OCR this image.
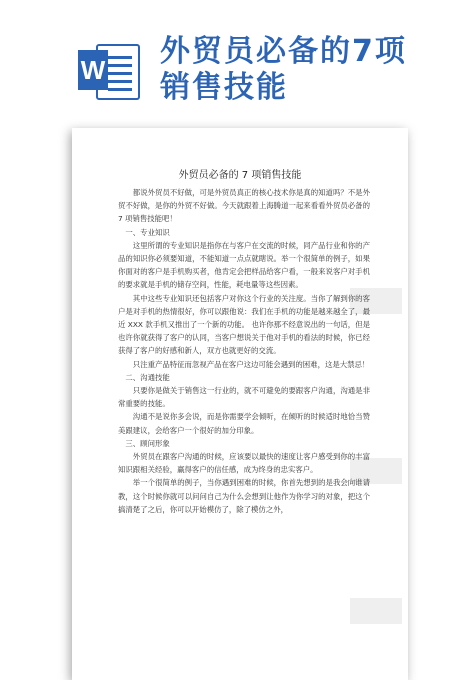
W
外贸员必备的7项
销售技能
外贸员必备的 7 项销售技能

都说外贸员不好做，可是外贸员真正的核心技术你是真的知道吗？不是外贸不好做，是你的外贸不好做。今天就跟着上海腾道一起来看看外贸员必备的 7 项销售技能吧！

一、专业知识

这里所谓的专业知识是指你在与客户在交流的时候，同产品行业和你的产品的知识你必须要知道，不能知道一点点就瞎说。举一个很简单的例子，如果你面对的客户是手机购买者，他肯定会把样品给客户看，一般来说客户对手机的要求就是手机的储存空间，性能，耗电量等这些因素。

其中这些专业知识还包括客户对你这个行业的关注度。当你了解到你的客户是对手机的热情很好，你可以跟他说：我们在手机的功能是越来越全了，最近 XXX 款手机又推出了一个新的功能。 也许你那不经意说出的一句话，但是也许你就获得了客户的认同，当客户想说关于他对手机的看法的时候，你已经获得了客户的好感和新人，双方也就更好的交流。

只注重产品特征而忽视产品在客户这边可能会遇到的困难，这是大禁忌！

二、沟通技能

只要你是做关于销售这一行业的，就不可避免的要跟客户沟通，沟通是非常重要的技能。

沟通不是说你多会说，而是你需要学会倾听，在倾听的时候适时地恰当赞美跟建议，会给客户一个很好的加分印象。

三、顾问形象

外贸员在跟客户沟通的时候，应该要以最快的速度让客户感受到你的丰富知识跟相关经验，赢得客户的信任感，成为终身的忠实客户。

举一个很简单的例子，当你遇到困难的时候，你首先想到的是我会向谁请教，这个时候你就可以问问自己为什么会想到让他作为你学习的对象，把这个搞清楚了之后，你可以开始模仿了，除了模仿之外，
